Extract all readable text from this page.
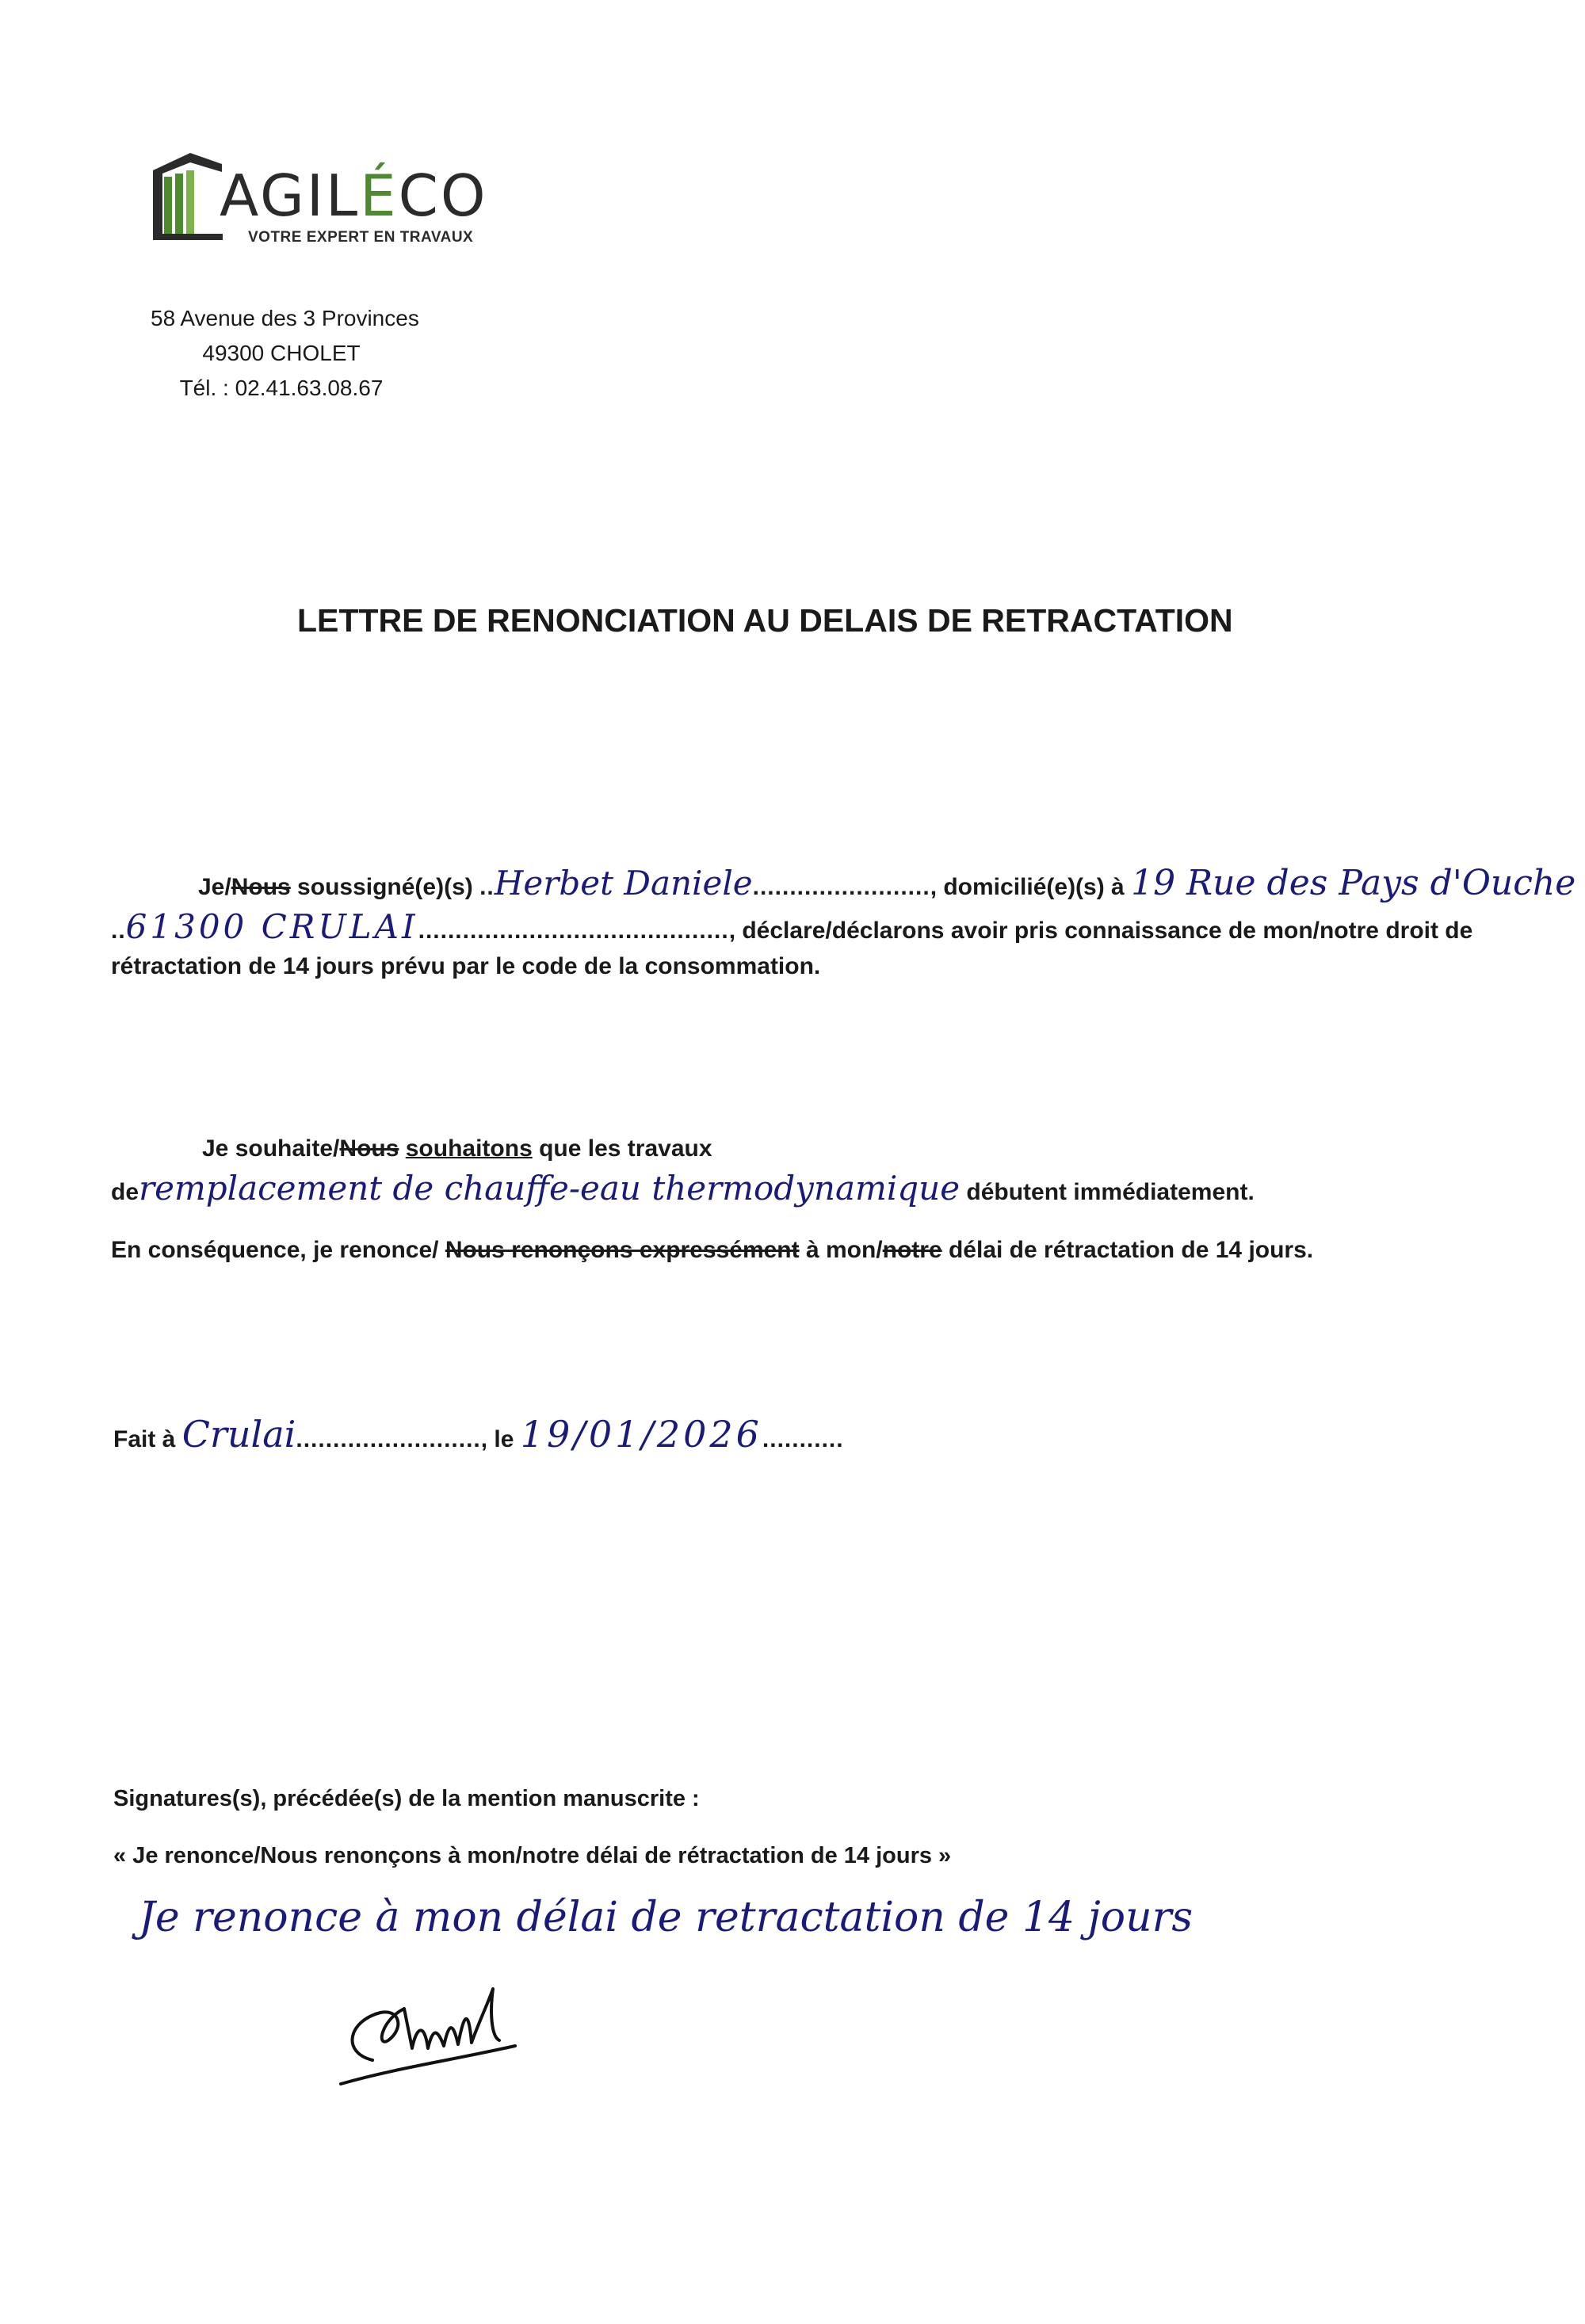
AGILÉCO
VOTRE EXPERT EN TRAVAUX
58 Avenue des 3 Provinces
49300 CHOLET
Tél. : 02.41.63.08.67
LETTRE DE RENONCIATION AU DELAIS DE RETRACTATION
Je/Nous soussigné(e)(s) ..Herbet Daniele........................, domicilié(e)(s) à 19 Rue des Pays d'Ouche
..61300 CRULAI.........................................., déclare/déclarons avoir pris connaissance de mon/notre droit de
rétractation de 14 jours prévu par le code de la consommation.
Je souhaite/Nous souhaitons que les travaux
deremplacement de chauffe-eau thermodynamique débutent immédiatement.
En conséquence, je renonce/ Nous renonçons expressément à mon/notre délai de rétractation de 14 jours.
Fait à Crulai........................., le 19/01/2026...........
Signatures(s), précédée(s) de la mention manuscrite :
« Je renonce/Nous renonçons à mon/notre délai de rétractation de 14 jours »
Je renonce à mon délai de retractation de 14 jours
